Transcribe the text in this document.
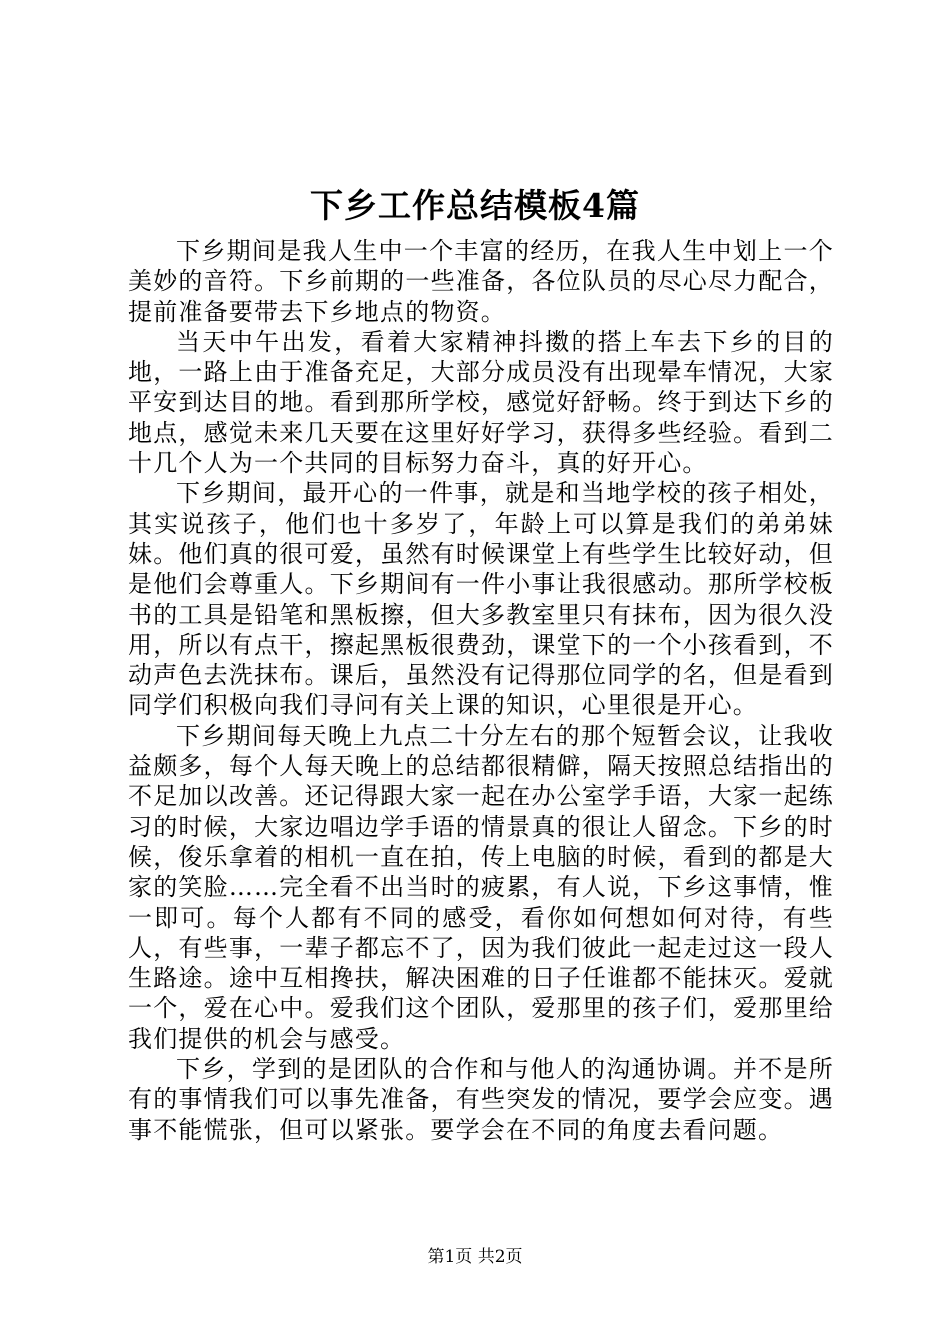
下乡工作总结模板4篇

下乡期间是我人生中一个丰富的经历，在我人生中划上一个美妙的音符。下乡前期的一些准备，各位队员的尽心尽力配合，提前准备要带去下乡地点的物资。

当天中午出发，看着大家精神抖擞的搭上车去下乡的目的地，一路上由于准备充足，大部分成员没有出现晕车情况，大家平安到达目的地。看到那所学校，感觉好舒畅。终于到达下乡的地点，感觉未来几天要在这里好好学习，获得多些经验。看到二十几个人为一个共同的目标努力奋斗，真的好开心。

下乡期间，最开心的一件事，就是和当地学校的孩子相处，其实说孩子，他们也十多岁了，年龄上可以算是我们的弟弟妹妹。他们真的很可爱，虽然有时候课堂上有些学生比较好动，但是他们会尊重人。下乡期间有一件小事让我很感动。那所学校板书的工具是铅笔和黑板擦，但大多教室里只有抹布，因为很久没用，所以有点干，擦起黑板很费劲，课堂下的一个小孩看到，不动声色去洗抹布。课后，虽然没有记得那位同学的名，但是看到同学们积极向我们寻问有关上课的知识，心里很是开心。

下乡期间每天晚上九点二十分左右的那个短暂会议，让我收益颇多，每个人每天晚上的总结都很精僻，隔天按照总结指出的不足加以改善。还记得跟大家一起在办公室学手语，大家一起练习的时候，大家边唱边学手语的情景真的很让人留念。下乡的时候，俊乐拿着的相机一直在拍，传上电脑的时候，看到的都是大家的笑脸……完全看不出当时的疲累，有人说，下乡这事情，惟一即可。每个人都有不同的感受，看你如何想如何对待，有些人，有些事，一辈子都忘不了，因为我们彼此一起走过这一段人生路途。途中互相搀扶，解决困难的日子任谁都不能抹灭。爱就一个，爱在心中。爱我们这个团队，爱那里的孩子们，爱那里给我们提供的机会与感受。

下乡，学到的是团队的合作和与他人的沟通协调。并不是所有的事情我们可以事先准备，有些突发的情况，要学会应变。遇事不能慌张，但可以紧张。要学会在不同的角度去看问题。

第1页 共2页
